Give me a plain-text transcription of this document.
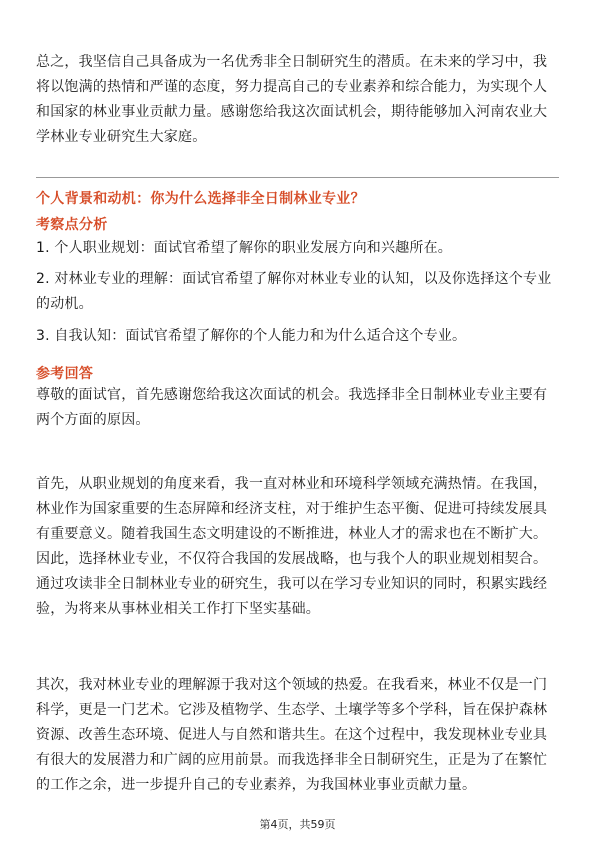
总之，我坚信自己具备成为一名优秀非全日制研究生的潜质。在未来的学习中，我将以饱满的热情和严谨的态度，努力提高自己的专业素养和综合能力，为实现个人和国家的林业事业贡献力量。感谢您给我这次面试机会，期待能够加入河南农业大学林业专业研究生大家庭。

个人背景和动机：你为什么选择非全日制林业专业？

考察点分析

1. 个人职业规划：面试官希望了解你的职业发展方向和兴趣所在。

2. 对林业专业的理解：面试官希望了解你对林业专业的认知，以及你选择这个专业的动机。

3. 自我认知：面试官希望了解你的个人能力和为什么适合这个专业。

参考回答

尊敬的面试官，首先感谢您给我这次面试的机会。我选择非全日制林业专业主要有两个方面的原因。

首先，从职业规划的角度来看，我一直对林业和环境科学领域充满热情。在我国，林业作为国家重要的生态屏障和经济支柱，对于维护生态平衡、促进可持续发展具有重要意义。随着我国生态文明建设的不断推进，林业人才的需求也在不断扩大。因此，选择林业专业，不仅符合我国的发展战略，也与我个人的职业规划相契合。通过攻读非全日制林业专业的研究生，我可以在学习专业知识的同时，积累实践经验，为将来从事林业相关工作打下坚实基础。

其次，我对林业专业的理解源于我对这个领域的热爱。在我看来，林业不仅是一门科学，更是一门艺术。它涉及植物学、生态学、土壤学等多个学科，旨在保护森林资源、改善生态环境、促进人与自然和谐共生。在这个过程中，我发现林业专业具有很大的发展潜力和广阔的应用前景。而我选择非全日制研究生，正是为了在繁忙的工作之余，进一步提升自己的专业素养，为我国林业事业贡献力量。

第4页，共59页
